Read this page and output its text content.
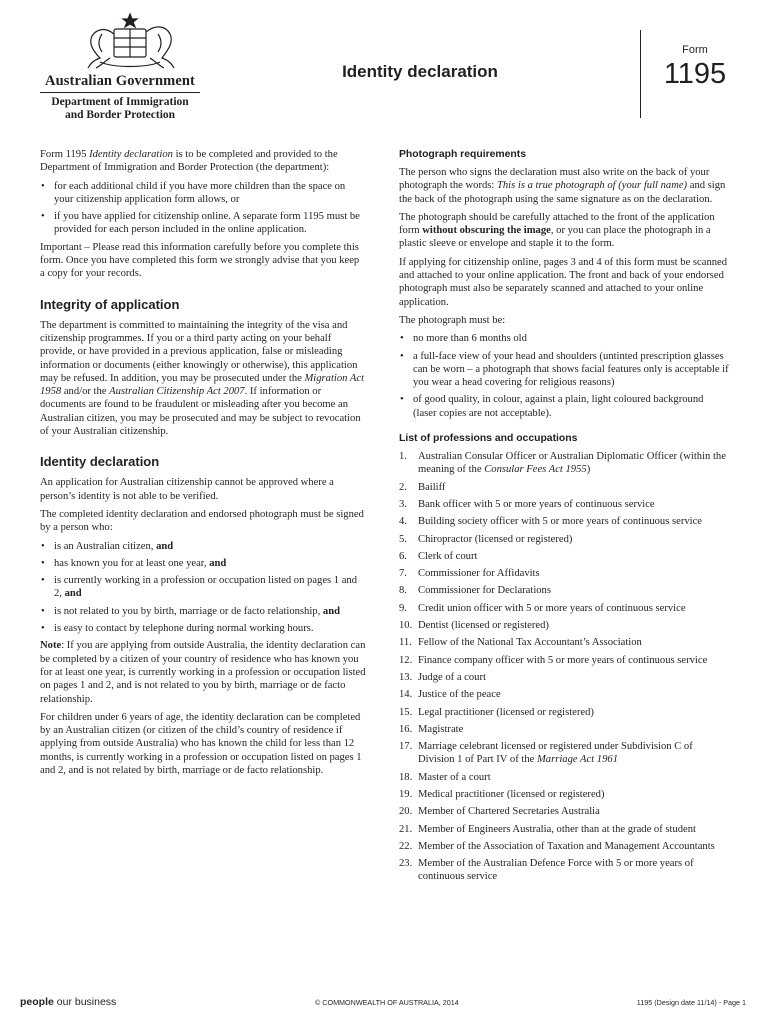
Australian Government
Department of Immigration
and Border Protection
Identity declaration
Form
1195

Form 1195 Identity declaration is to be completed and provided to the Department of Immigration and Border Protection (the department):

• for each additional child if you have more children than the space on your citizenship application form allows, or
• if you have applied for citizenship online. A separate form 1195 must be provided for each person included in the online application.

Important – Please read this information carefully before you complete this form. Once you have completed this form we strongly advise that you keep a copy for your records.

Integrity of application

The department is committed to maintaining the integrity of the visa and citizenship programmes. If you or a third party acting on your behalf provide, or have provided in a previous application, false or misleading information or documents (either knowingly or otherwise), this application may be refused. In addition, you may be prosecuted under the Migration Act 1958 and/or the Australian Citizenship Act 2007. If information or documents are found to be fraudulent or misleading after you become an Australian citizen, you may be prosecuted and may be subject to revocation of your Australian citizenship.

Identity declaration

An application for Australian citizenship cannot be approved where a person’s identity is not able to be verified.

The completed identity declaration and endorsed photograph must be signed by a person who:

• is an Australian citizen, and
• has known you for at least one year, and
• is currently working in a profession or occupation listed on pages 1 and 2, and
• is not related to you by birth, marriage or de facto relationship, and
• is easy to contact by telephone during normal working hours.

Note: If you are applying from outside Australia, the identity declaration can be completed by a citizen of your country of residence who has known you for at least one year, is currently working in a profession or occupation listed on pages 1 and 2, and is not related to you by birth, marriage or de facto relationship.

For children under 6 years of age, the identity declaration can be completed by an Australian citizen (or citizen of the child’s country of residence if applying from outside Australia) who has known the child for less than 12 months, is currently working in a profession or occupation listed on pages 1 and 2, and is not related by birth, marriage or de facto relationship.

Photograph requirements

The person who signs the declaration must also write on the back of your photograph the words: This is a true photograph of (your full name) and sign the back of the photograph using the same signature as on the declaration.

The photograph should be carefully attached to the front of the application form without obscuring the image, or you can place the photograph in a plastic sleeve or envelope and staple it to the form.

If applying for citizenship online, pages 3 and 4 of this form must be scanned and attached to your online application. The front and back of your endorsed photograph must also be separately scanned and attached to your online application.

The photograph must be:

• no more than 6 months old
• a full-face view of your head and shoulders (untinted prescription glasses can be worn – a photograph that shows facial features only is acceptable if you wear a head covering for religious reasons)
• of good quality, in colour, against a plain, light coloured background (laser copies are not acceptable).
List of professions and occupations
1.	Australian Consular Officer or Australian Diplomatic Officer (within the meaning of the Consular Fees Act 1955)
2.	Bailiff
3.	Bank officer with 5 or more years of continuous service
4.	Building society officer with 5 or more years of continuous service
5.	Chiropractor (licensed or registered)
6.	Clerk of court
7.	Commissioner for Affidavits
8.	Commissioner for Declarations
9.	Credit union officer with 5 or more years of continuous service
10. Dentist (licensed or registered)
11. Fellow of the National Tax Accountant’s Association
12. Finance company officer with 5 or more years of continuous service
13. Judge of a court
14. Justice of the peace
15. Legal practitioner (licensed or registered)
16. Magistrate
17. Marriage celebrant licensed or registered under Subdivision C of Division 1 of Part IV of the Marriage Act 1961
18. Master of a court
19. Medical practitioner (licensed or registered)
20. Member of Chartered Secretaries Australia
21. Member of Engineers Australia, other than at the grade of student
22. Member of the Association of Taxation and Management Accountants
23. Member of the Australian Defence Force with 5 or more years of continuous service
people our business	© COMMONWEALTH OF AUSTRALIA, 2014	1195 (Design date 11/14) - Page 1
